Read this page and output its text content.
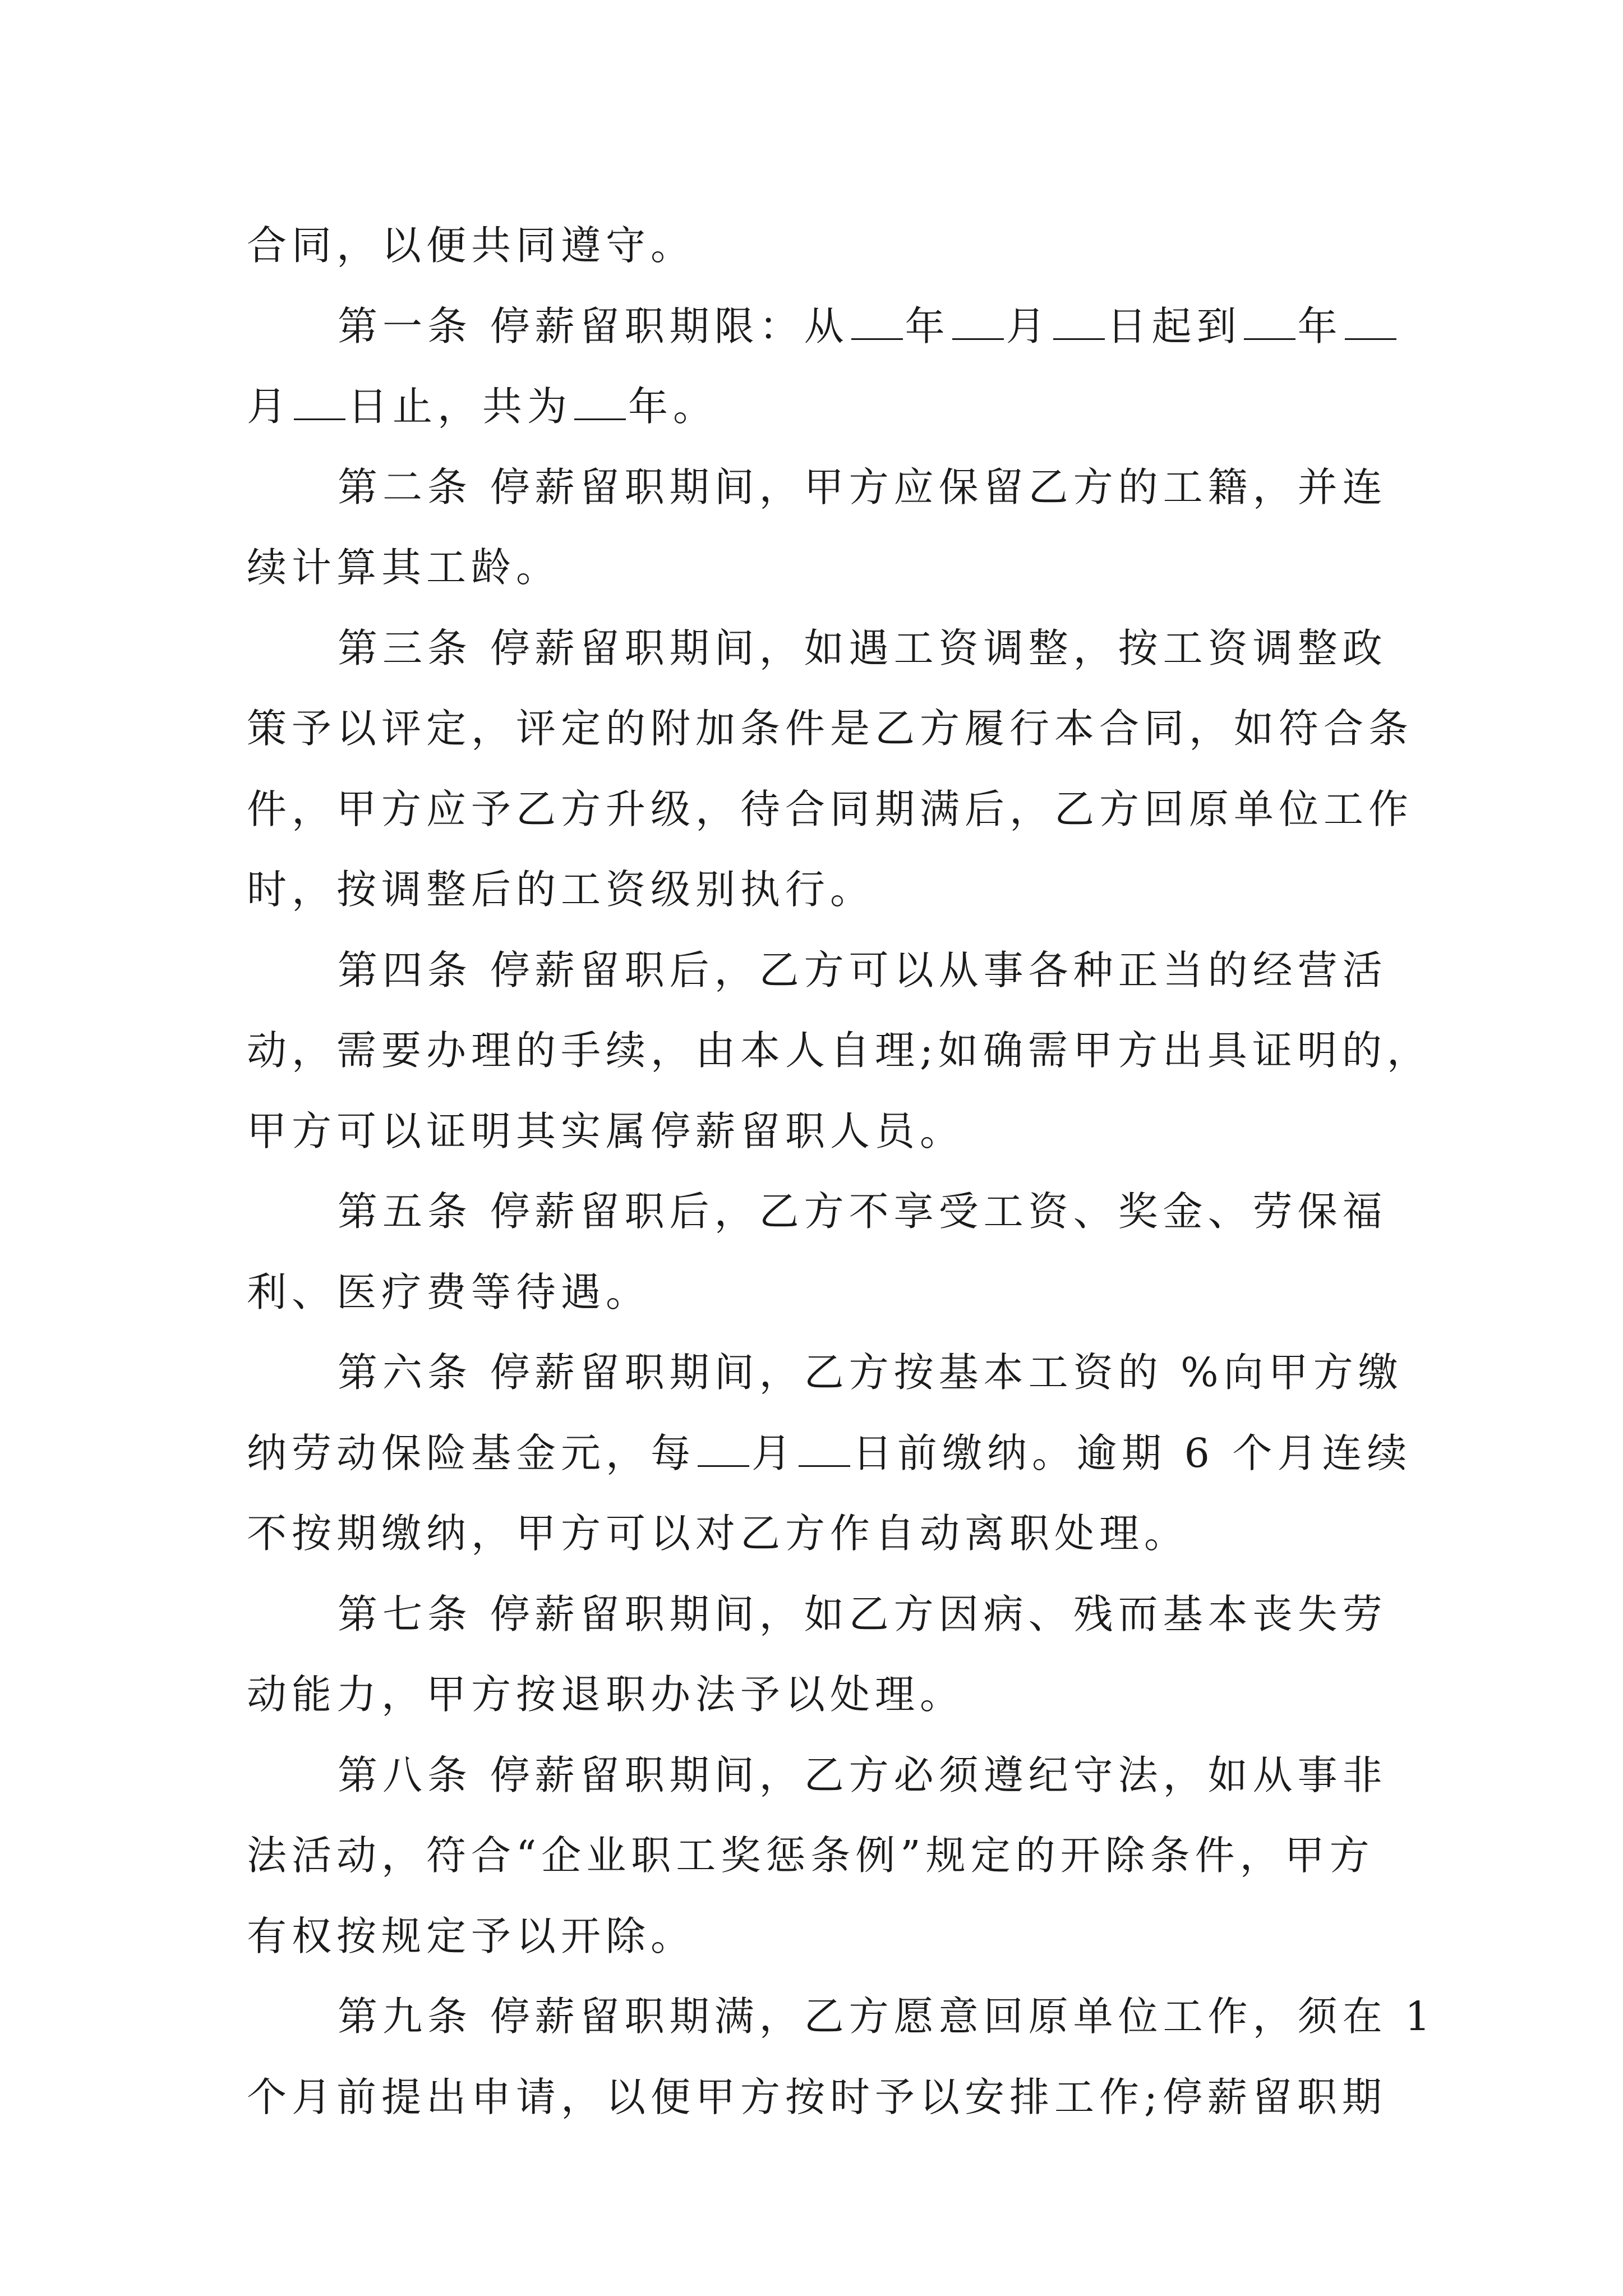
合同，以便共同遵守。
第一条 停薪留职期限：从 年 月 日起到 年
月 日止，共为 年。
第二条 停薪留职期间，甲方应保留乙方的工籍，并连
续计算其工龄。
第三条 停薪留职期间，如遇工资调整，按工资调整政
策予以评定，评定的附加条件是乙方履行本合同，如符合条
件，甲方应予乙方升级，待合同期满后，乙方回原单位工作
时，按调整后的工资级别执行。
第四条 停薪留职后，乙方可以从事各种正当的经营活
动，需要办理的手续，由本人自理;如确需甲方出具证明的，
甲方可以证明其实属停薪留职人员。
第五条 停薪留职后，乙方不享受工资、奖金、劳保福
利、医疗费等待遇。
第六条 停薪留职期间，乙方按基本工资的 %向甲方缴
纳劳动保险基金元，每 月 日前缴纳。逾期 6 个月连续
不按期缴纳，甲方可以对乙方作自动离职处理。
第七条 停薪留职期间，如乙方因病、残而基本丧失劳
动能力，甲方按退职办法予以处理。
第八条 停薪留职期间，乙方必须遵纪守法，如从事非
法活动，符合“企业职工奖惩条例”规定的开除条件，甲方
有权按规定予以开除。
第九条 停薪留职期满，乙方愿意回原单位工作，须在 1
个月前提出申请，以便甲方按时予以安排工作;停薪留职期
